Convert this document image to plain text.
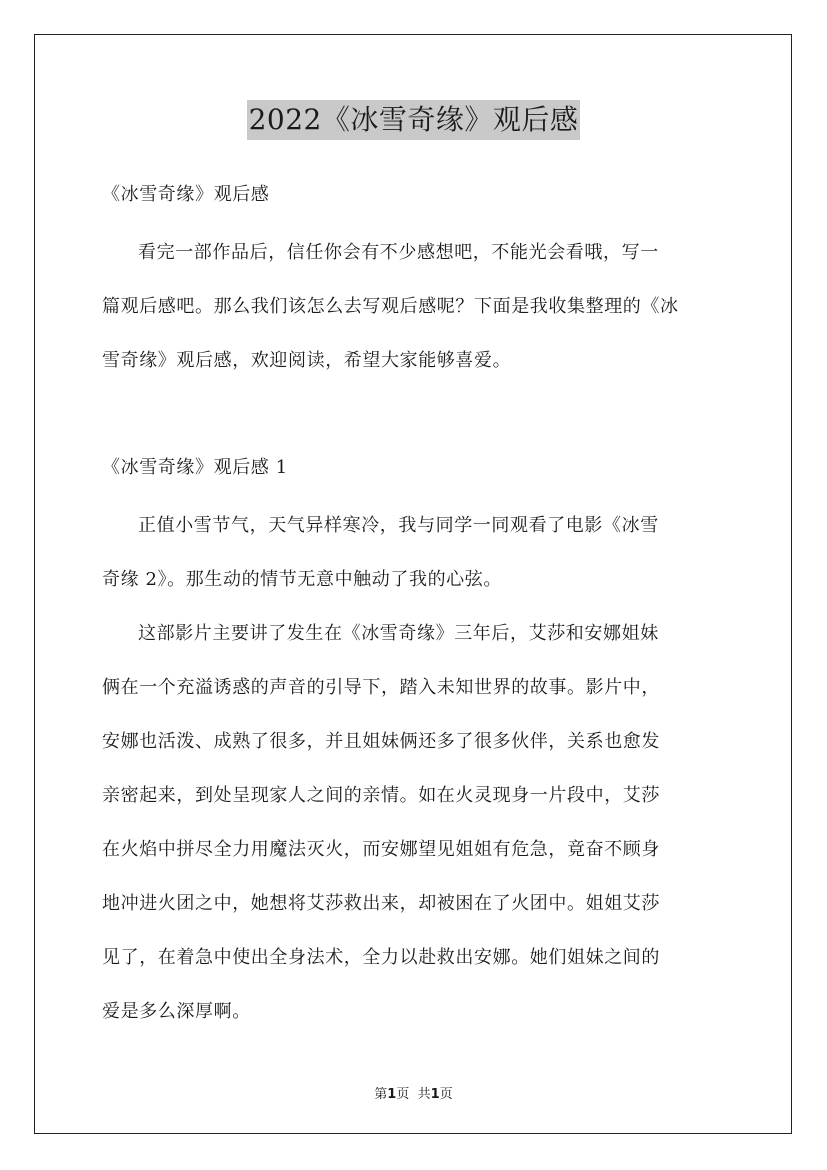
2022《冰雪奇缘》观后感
《冰雪奇缘》观后感
看完一部作品后，信任你会有不少感想吧，不能光会看哦，写一
篇观后感吧。那么我们该怎么去写观后感呢？下面是我收集整理的《冰
雪奇缘》观后感，欢迎阅读，希望大家能够喜爱。
《冰雪奇缘》观后感 1
正值小雪节气，天气异样寒冷，我与同学一同观看了电影《冰雪
奇缘 2》。那生动的情节无意中触动了我的心弦。
这部影片主要讲了发生在《冰雪奇缘》三年后，艾莎和安娜姐妹
俩在一个充溢诱惑的声音的引导下，踏入未知世界的故事。影片中，
安娜也活泼、成熟了很多，并且姐妹俩还多了很多伙伴，关系也愈发
亲密起来，到处呈现家人之间的亲情。如在火灵现身一片段中，艾莎
在火焰中拼尽全力用魔法灭火，而安娜望见姐姐有危急，竟奋不顾身
地冲进火团之中，她想将艾莎救出来，却被困在了火团中。姐姐艾莎
见了，在着急中使出全身法术，全力以赴救出安娜。她们姐妹之间的
爱是多么深厚啊。
第1页 共1页
